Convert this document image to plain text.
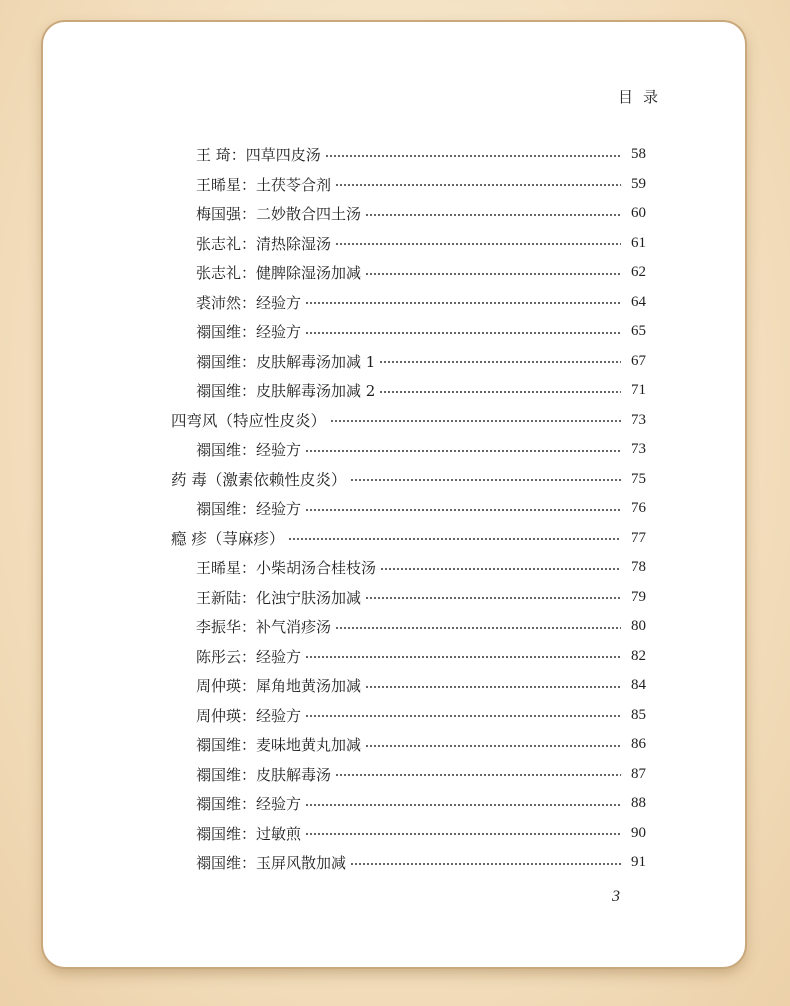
目录
王 琦：四草四皮汤	58
王晞星：土茯苓合剂	59
梅国强：二妙散合四土汤	60
张志礼：清热除湿汤	61
张志礼：健脾除湿汤加减	62
裘沛然：经验方	64
禤国维：经验方	65
禤国维：皮肤解毒汤加减 1	67
禤国维：皮肤解毒汤加减 2	71
四弯风（特应性皮炎）	73
禤国维：经验方	73
药 毒（激素依赖性皮炎）	75
禤国维：经验方	76
瘾 疹（荨麻疹）	77
王晞星：小柴胡汤合桂枝汤	78
王新陆：化浊宁肤汤加减	79
李振华：补气消疹汤	80
陈彤云：经验方	82
周仲瑛：犀角地黄汤加减	84
周仲瑛：经验方	85
禤国维：麦味地黄丸加减	86
禤国维：皮肤解毒汤	87
禤国维：经验方	88
禤国维：过敏煎	90
禤国维：玉屏风散加减	91
3
